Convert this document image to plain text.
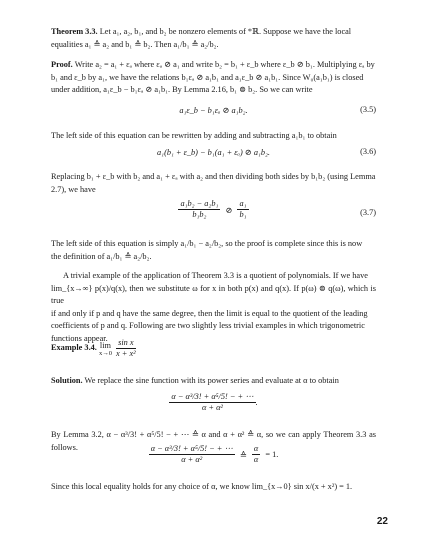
Theorem 3.3. Let a₁, a₂, b₁, and b₂ be nonzero elements of *ℝ. Suppose we have the local
equalities a₁ ≙ a₂ and b₁ ≙ b₂. Then a₁/b₁ ≙ a₂/b₂.
Proof. Write a₂ = a₁ + εₐ where εₐ ⊘ a₁ and write b₂ = b₁ + ε_b where ε_b ⊘ b₁. Multiplying εₐ by
b₁ and ε_b by a₁, we have the relations b₁εₐ ⊘ a₁b₁ and a₁ε_b ⊘ a₁b₁. Since W₀(a₁b₁) is closed
under addition, a₁ε_b − b₁εₐ ⊘ a₁b₁. By Lemma 2.16, b₁ ⊜ b₂. So we can write
a₁ε_b − b₁εₐ ⊘ a₁b₂.	(3.5)
The left side of this equation can be rewritten by adding and subtracting a₁b₁ to obtain
a₁(b₁ + ε_b) − b₁(a₁ + εₐ) ⊘ a₁b₂.	(3.6)
Replacing b₁ + ε_b with b₂ and a₁ + εₐ with a₂ and then dividing both sides by b₁b₂ (using Lemma
2.7), we have
$\frac{\text{a₁b₂ − a₂b₁}}{\text{b₁b₂}}$ ⊘ $\frac{\text{a₁}}{\text{b₁}}$	(3.7)
The left side of this equation is simply a₁/b₁ − a₂/b₂, so the proof is complete since this is now
the definition of a₁/b₁ ≙ a₂/b₂.
A trivial example of the application of Theorem 3.3 is a quotient of polynomials. If we have
lim_{x→∞} p(x)/q(x), then we substitute ω for x in both p(x) and q(x). If p(ω) ⊜ q(ω), which is true
if and only if p and q have the same degree, then the limit is equal to the quotient of the leading
coefficients of p and q. Following are two slightly less trivial examples in which trigonometric
functions appear.
Example 3.4. lim
x→0
$\frac{\text{sin x}}{\text{x + x²}}$
Solution. We replace the sine function with its power series and evaluate at α to obtain
$\frac{\text{α − α³/3! + α⁵/5! − + ⋯}}{\text{α + α²}}$ .
By Lemma 3.2, α − α³/3! + α⁵/5! − + ⋯ ≙ α and α + α² ≙ α, so we can apply Theorem 3.3 as follows.	$\frac{\text{α − α³/3! + α⁵/5! − + ⋯}}{\text{α + α²}}$ ≙ $\frac{\alpha}{\alpha} = 1$.
Since this local equality holds for any choice of α, we know lim_{x→0} sin x/(x + x²) = 1.
22
